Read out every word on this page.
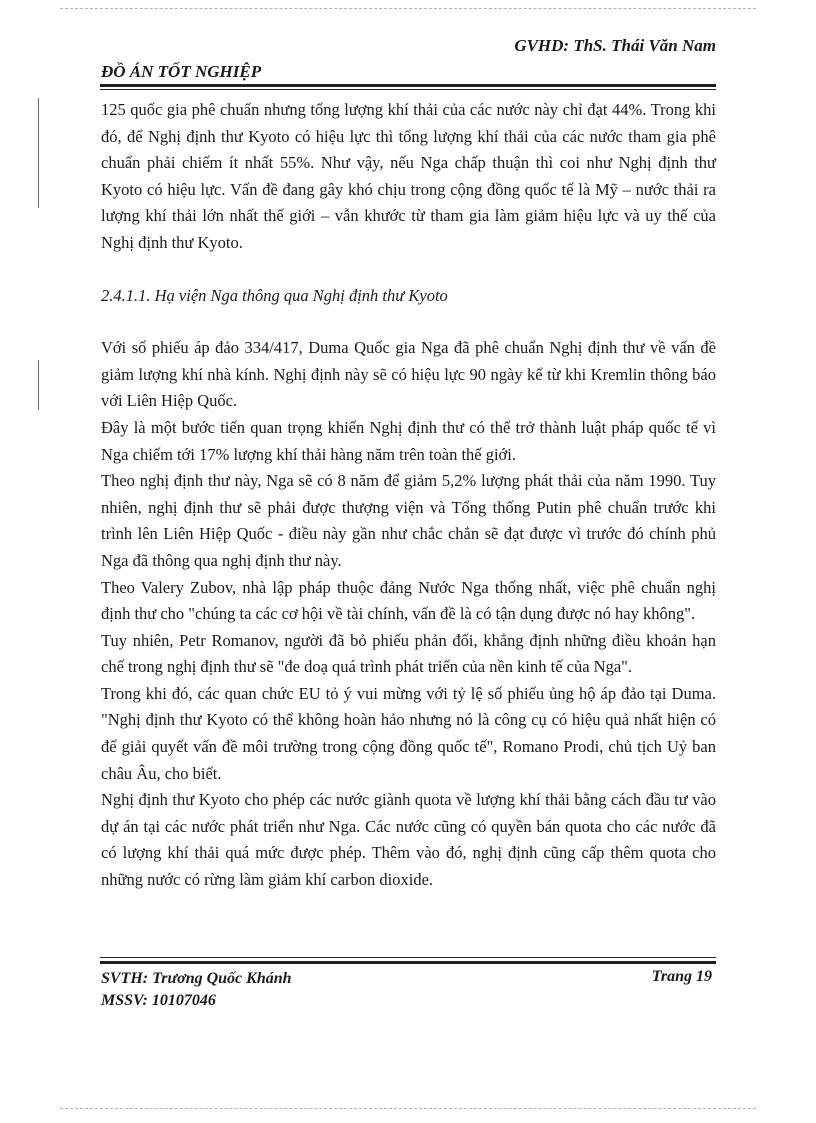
GVHD: ThS. Thái Văn Nam
ĐỒ ÁN TỐT NGHIỆP

125 quốc gia phê chuẩn nhưng tổng lượng khí thải của các nước này chỉ đạt 44%. Trong khi đó, để Nghị định thư Kyoto có hiệu lực thì tổng lượng khí thải của các nước tham gia phê chuẩn phải chiếm ít nhất 55%. Như vậy, nếu Nga chấp thuận thì coi như Nghị định thư Kyoto có hiệu lực. Vấn đề đang gây khó chịu trong cộng đồng quốc tế là Mỹ – nước thải ra lượng khí thải lớn nhất thế giới – vẫn khước từ tham gia làm giảm hiệu lực và uy thế của Nghị định thư Kyoto.

2.4.1.1. Hạ viện Nga thông qua Nghị định thư Kyoto

Với số phiếu áp đảo 334/417, Duma Quốc gia Nga đã phê chuẩn Nghị định thư về vấn đề giảm lượng khí nhà kính. Nghị định này sẽ có hiệu lực 90 ngày kể từ khi Kremlin thông báo với Liên Hiệp Quốc.

Đây là một bước tiến quan trọng khiến Nghị định thư có thể trở thành luật pháp quốc tế vì Nga chiếm tới 17% lượng khí thải hàng năm trên toàn thế giới.

Theo nghị định thư này, Nga sẽ có 8 năm để giảm 5,2% lượng phát thải của năm 1990. Tuy nhiên, nghị định thư sẽ phải được thượng viện và Tổng thống Putin phê chuẩn trước khi trình lên Liên Hiệp Quốc - điều này gần như chắc chắn sẽ đạt được vì trước đó chính phủ Nga đã thông qua nghị định thư này.

Theo Valery Zubov, nhà lập pháp thuộc đảng Nước Nga thống nhất, việc phê chuẩn nghị định thư cho "chúng ta các cơ hội về tài chính, vấn đề là có tận dụng được nó hay không".

Tuy nhiên, Petr Romanov, người đã bỏ phiếu phản đối, khẳng định những điều khoản hạn chế trong nghị định thư sẽ "đe doạ quá trình phát triển của nền kinh tế của Nga".

Trong khi đó, các quan chức EU tỏ ý vui mừng với tỷ lệ số phiếu ủng hộ áp đảo tại Duma. "Nghị định thư Kyoto có thể không hoàn hảo nhưng nó là công cụ có hiệu quả nhất hiện có để giải quyết vấn đề môi trường trong cộng đồng quốc tế", Romano Prodi, chủ tịch Uỷ ban châu Âu, cho biết.

Nghị định thư Kyoto cho phép các nước giành quota về lượng khí thải bằng cách đầu tư vào dự án tại các nước phát triển như Nga. Các nước cũng có quyền bán quota cho các nước đã có lượng khí thải quá mức được phép. Thêm vào đó, nghị định cũng cấp thêm quota cho những nước có rừng làm giảm khí carbon dioxide.

SVTH: Trương Quốc Khánh
MSSV: 10107046
Trang 19
